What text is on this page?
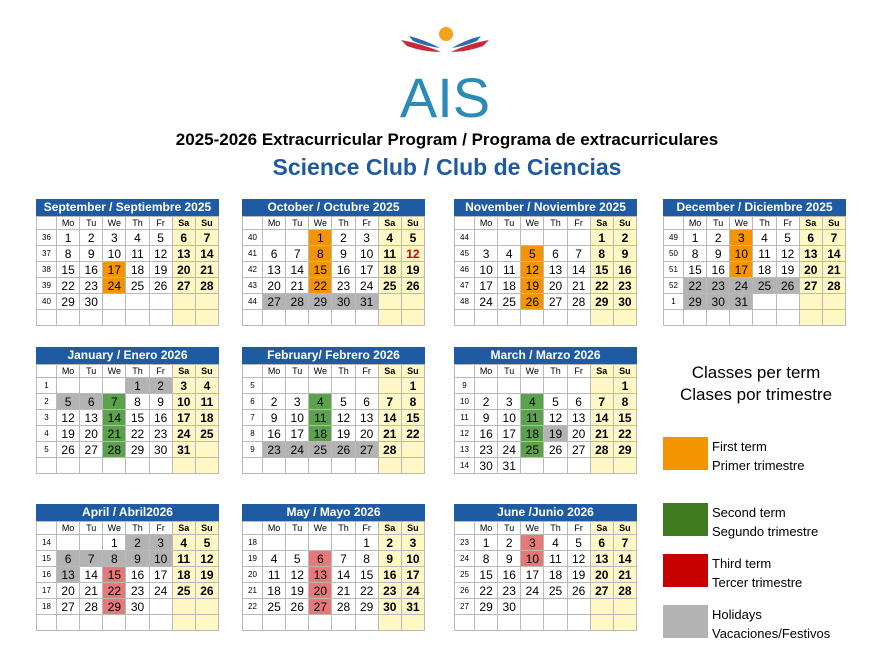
AIS
2025-2026 Extracurricular Program / Programa de extracurriculares
Science Club / Club de Ciencias
September / Septiembre 2025
	Mo	Tu	We	Th	Fr	Sa	Su
36	1	2	3	4	5	6	7
37	8	9	10	11	12	13	14
38	15	16	17	18	19	20	21
39	22	23	24	25	26	27	28
40	29	30					

October / Octubre 2025
	Mo	Tu	We	Th	Fr	Sa	Su
40			1	2	3	4	5
41	6	7	8	9	10	11	12
42	13	14	15	16	17	18	19
43	20	21	22	23	24	25	26
44	27	28	29	30	31		

November / Noviembre 2025
	Mo	Tu	We	Th	Fr	Sa	Su
44						1	2
45	3	4	5	6	7	8	9
46	10	11	12	13	14	15	16
47	17	18	19	20	21	22	23
48	24	25	26	27	28	29	30

December / Diciembre 2025
	Mo	Tu	We	Th	Fr	Sa	Su
49	1	2	3	4	5	6	7
50	8	9	10	11	12	13	14
51	15	16	17	18	19	20	21
52	22	23	24	25	26	27	28
1	29	30	31				

January / Enero 2026
	Mo	Tu	We	Th	Fr	Sa	Su
1				1	2	3	4
2	5	6	7	8	9	10	11
3	12	13	14	15	16	17	18
4	19	20	21	22	23	24	25
5	26	27	28	29	30	31	

February/ Febrero 2026
	Mo	Tu	We	Th	Fr	Sa	Su
5							1
6	2	3	4	5	6	7	8
7	9	10	11	12	13	14	15
8	16	17	18	19	20	21	22
9	23	24	25	26	27	28	

March / Marzo 2026
	Mo	Tu	We	Th	Fr	Sa	Su
9							1
10	2	3	4	5	6	7	8
11	9	10	11	12	13	14	15
12	16	17	18	19	20	21	22
13	23	24	25	26	27	28	29
14	30	31					
April / Abril2026
	Mo	Tu	We	Th	Fr	Sa	Su
14			1	2	3	4	5
15	6	7	8	9	10	11	12
16	13	14	15	16	17	18	19
17	20	21	22	23	24	25	26
18	27	28	29	30			

May / Mayo 2026
	Mo	Tu	We	Th	Fr	Sa	Su
18					1	2	3
19	4	5	6	7	8	9	10
20	11	12	13	14	15	16	17
21	18	19	20	21	22	23	24
22	25	26	27	28	29	30	31

June /Junio 2026
	Mo	Tu	We	Th	Fr	Sa	Su
23	1	2	3	4	5	6	7
24	8	9	10	11	12	13	14
25	15	16	17	18	19	20	21
26	22	23	24	25	26	27	28
27	29	30					

Classes per term
Clases por trimestre
First term
Primer trimestre
Second term
Segundo trimestre
Third term
Tercer trimestre
Holidays
Vacaciones/Festivos
